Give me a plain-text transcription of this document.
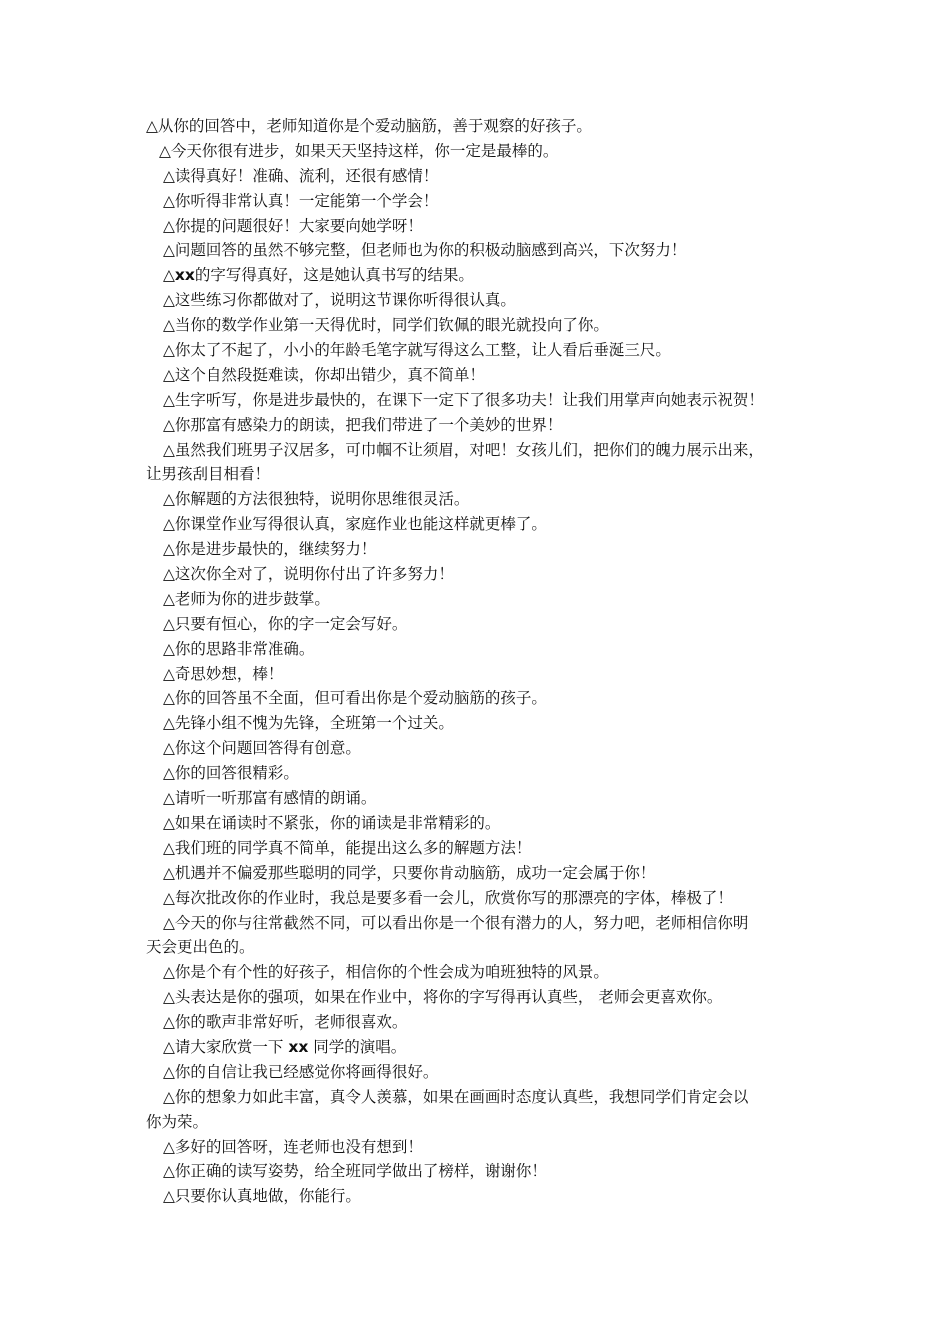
△从你的回答中，老师知道你是个爱动脑筋，善于观察的好孩子。
△今天你很有进步，如果天天坚持这样，你一定是最棒的。
△读得真好！准确、流利，还很有感情！
△你听得非常认真！一定能第一个学会！
△你提的问题很好！大家要向她学呀！
△问题回答的虽然不够完整，但老师也为你的积极动脑感到高兴，下次努力！
△xx的字写得真好，这是她认真书写的结果。
△这些练习你都做对了，说明这节课你听得很认真。
△当你的数学作业第一天得优时，同学们钦佩的眼光就投向了你。
△你太了不起了，小小的年龄毛笔字就写得这么工整，让人看后垂涎三尺。
△这个自然段挺难读，你却出错少，真不简单！
△生字听写，你是进步最快的，在课下一定下了很多功夫！让我们用掌声向她表示祝贺！
△你那富有感染力的朗读，把我们带进了一个美妙的世界！
△虽然我们班男子汉居多，可巾帼不让须眉，对吧！女孩儿们，把你们的魄力展示出来，
让男孩刮目相看！
△你解题的方法很独特，说明你思维很灵活。
△你课堂作业写得很认真，家庭作业也能这样就更棒了。
△你是进步最快的，继续努力！
△这次你全对了，说明你付出了许多努力！
△老师为你的进步鼓掌。
△只要有恒心，你的字一定会写好。
△你的思路非常准确。
△奇思妙想，棒！
△你的回答虽不全面，但可看出你是个爱动脑筋的孩子。
△先锋小组不愧为先锋，全班第一个过关。
△你这个问题回答得有创意。
△你的回答很精彩。
△请听一听那富有感情的朗诵。
△如果在诵读时不紧张，你的诵读是非常精彩的。
△我们班的同学真不简单，能提出这么多的解题方法！
△机遇并不偏爱那些聪明的同学，只要你肯动脑筋，成功一定会属于你！
△每次批改你的作业时，我总是要多看一会儿，欣赏你写的那漂亮的字体，棒极了！
△今天的你与往常截然不同，可以看出你是一个很有潜力的人，努力吧，老师相信你明
天会更出色的。
△你是个有个性的好孩子，相信你的个性会成为咱班独特的风景。
△头表达是你的强项，如果在作业中，将你的字写得再认真些， 老师会更喜欢你。
△你的歌声非常好听，老师很喜欢。
△请大家欣赏一下 xx 同学的演唱。
△你的自信让我已经感觉你将画得很好。
△你的想象力如此丰富，真令人羡慕，如果在画画时态度认真些，我想同学们肯定会以
你为荣。
△多好的回答呀，连老师也没有想到！
△你正确的读写姿势，给全班同学做出了榜样，谢谢你！
△只要你认真地做，你能行。
